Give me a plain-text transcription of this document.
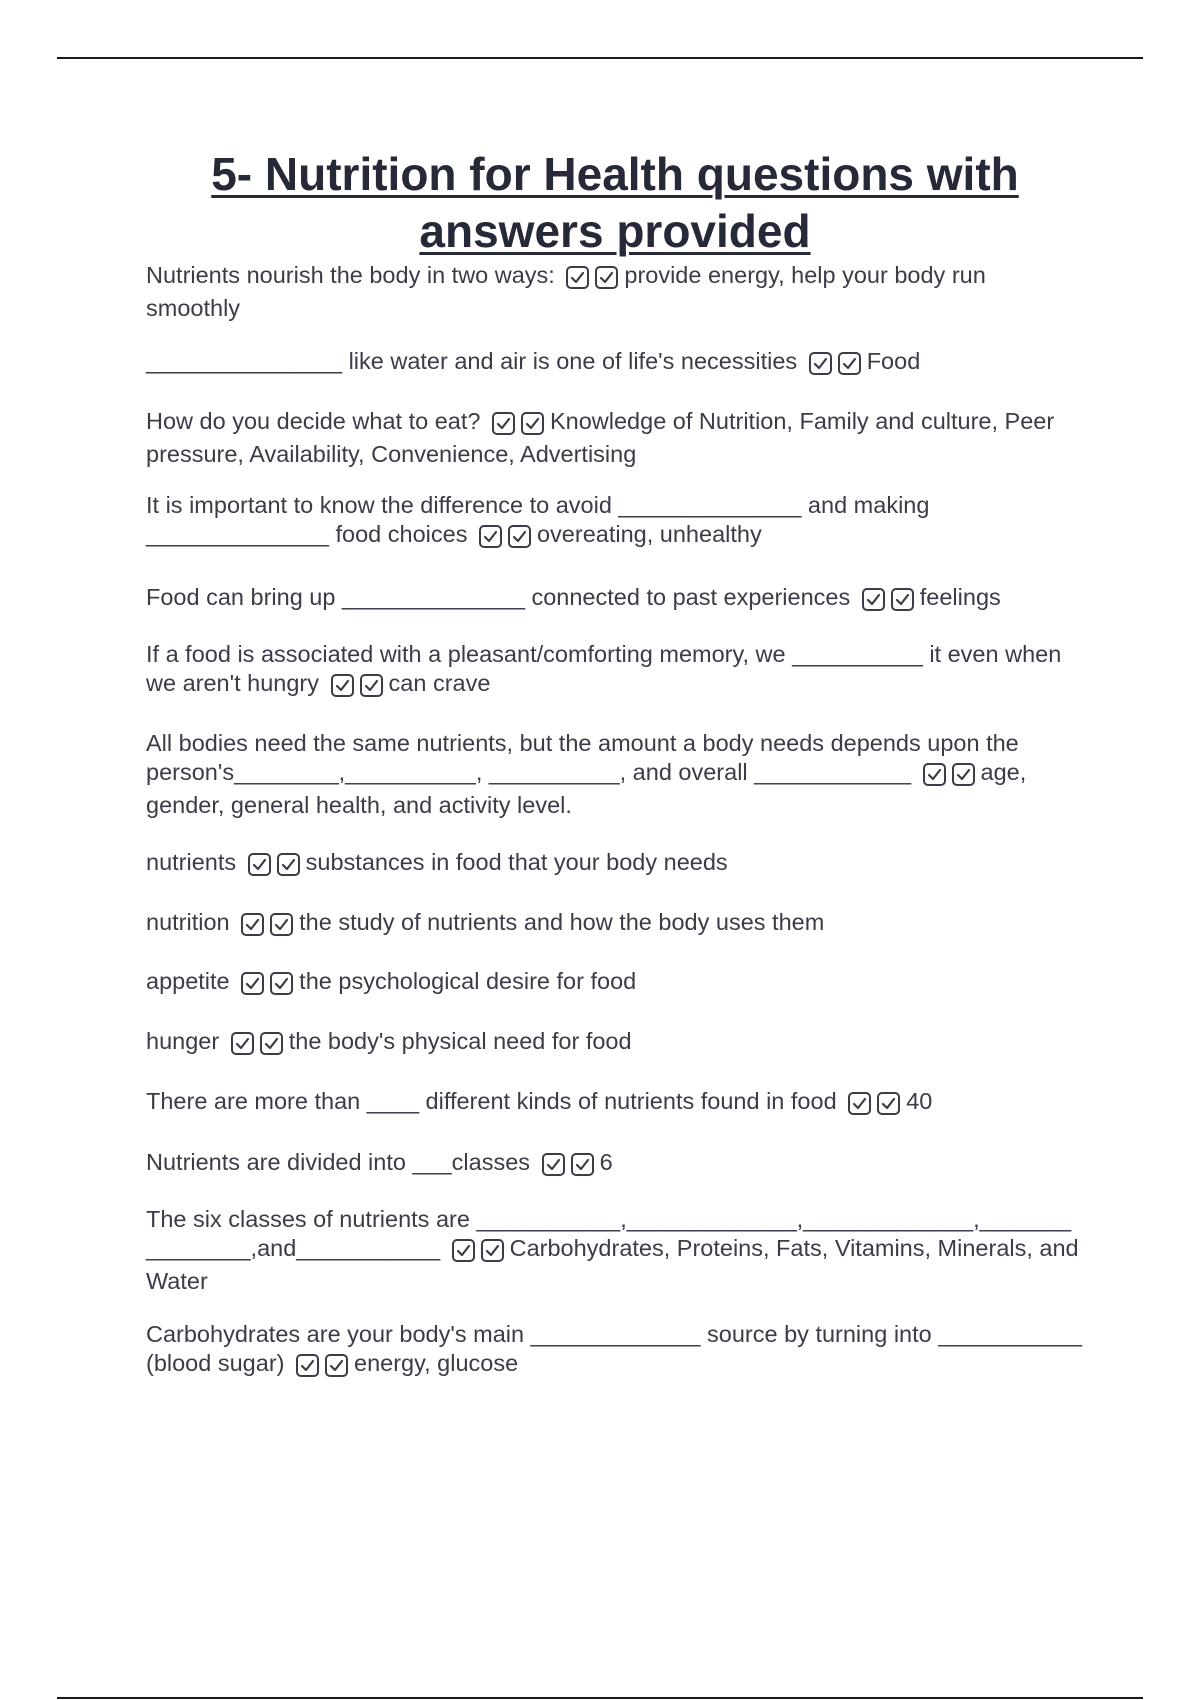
5- Nutrition for Health questions with answers provided

Nutrients nourish the body in two ways:	provide energy, help your body run smoothly

_______________ like water and air is one of life's necessities	Food

How do you decide what to eat?	Knowledge of Nutrition, Family and culture, Peer pressure, Availability, Convenience, Advertising

It is important to know the difference to avoid ______________ and making ______________ food choices	overeating, unhealthy

Food can bring up ______________ connected to past experiences	feelings

If a food is associated with a pleasant/comforting memory, we __________ it even when we aren't hungry	can crave

All bodies need the same nutrients, but the amount a body needs depends upon the person's________,__________, __________, and overall ____________	age, gender, general health, and activity level.

nutrients	substances in food that your body needs

nutrition	the study of nutrients and how the body uses them

appetite	the psychological desire for food

hunger	the body's physical need for food

There are more than ____ different kinds of nutrients found in food	40

Nutrients are divided into ___classes	6

The six classes of nutrients are ___________,_____________,_____________,_______________,and___________	Carbohydrates, Proteins, Fats, Vitamins, Minerals, and Water

Carbohydrates are your body's main _____________ source by turning into ___________ (blood sugar)	energy, glucose
